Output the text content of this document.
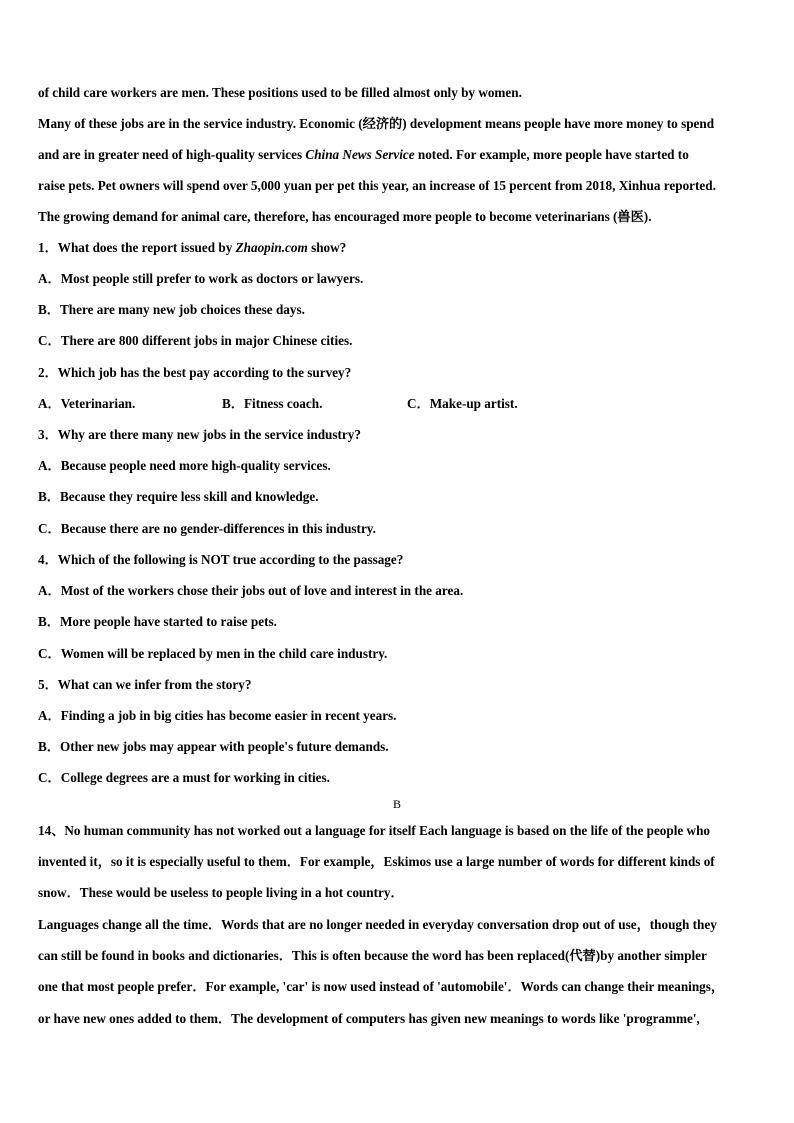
of child care workers are men. These positions used to be filled almost only by women.
Many of these jobs are in the service industry. Economic (经济的) development means people have more money to spend
and are in greater need of high-quality services China News Service noted. For example, more people have started to
raise pets. Pet owners will spend over 5,000 yuan per pet this year, an increase of 15 percent from 2018, Xinhua reported.
The growing demand for animal care, therefore, has encouraged more people to become veterinarians (兽医).
1．What does the report issued by Zhaopin.com show?
A．Most people still prefer to work as doctors or lawyers.
B．There are many new job choices these days.
C．There are 800 different jobs in major Chinese cities.
2．Which job has the best pay according to the survey?
A．Veterinarian.	B．Fitness coach.	C．Make-up artist.
3．Why are there many new jobs in the service industry?
A．Because people need more high-quality services.
B．Because they require less skill and knowledge.
C．Because there are no gender-differences in this industry.
4．Which of the following is NOT true according to the passage?
A．Most of the workers chose their jobs out of love and interest in the area.
B．More people have started to raise pets.
C．Women will be replaced by men in the child care industry.
5．What can we infer from the story?
A．Finding a job in big cities has become easier in recent years.
B．Other new jobs may appear with people's future demands.
C．College degrees are a must for working in cities.
B
14、No human community has not worked out a language for itself Each language is based on the life of the people who
invented it，so it is especially useful to them．For example，Eskimos use a large number of words for different kinds of
snow．These would be useless to people living in a hot country．
Languages change all the time．Words that are no longer needed in everyday conversation drop out of use，though they
can still be found in books and dictionaries．This is often because the word has been replaced(代替)by another simpler
one that most people prefer．For example, 'car' is now used instead of 'automobile'．Words can change their meanings，
or have new ones added to them．The development of computers has given new meanings to words like 'programme',
